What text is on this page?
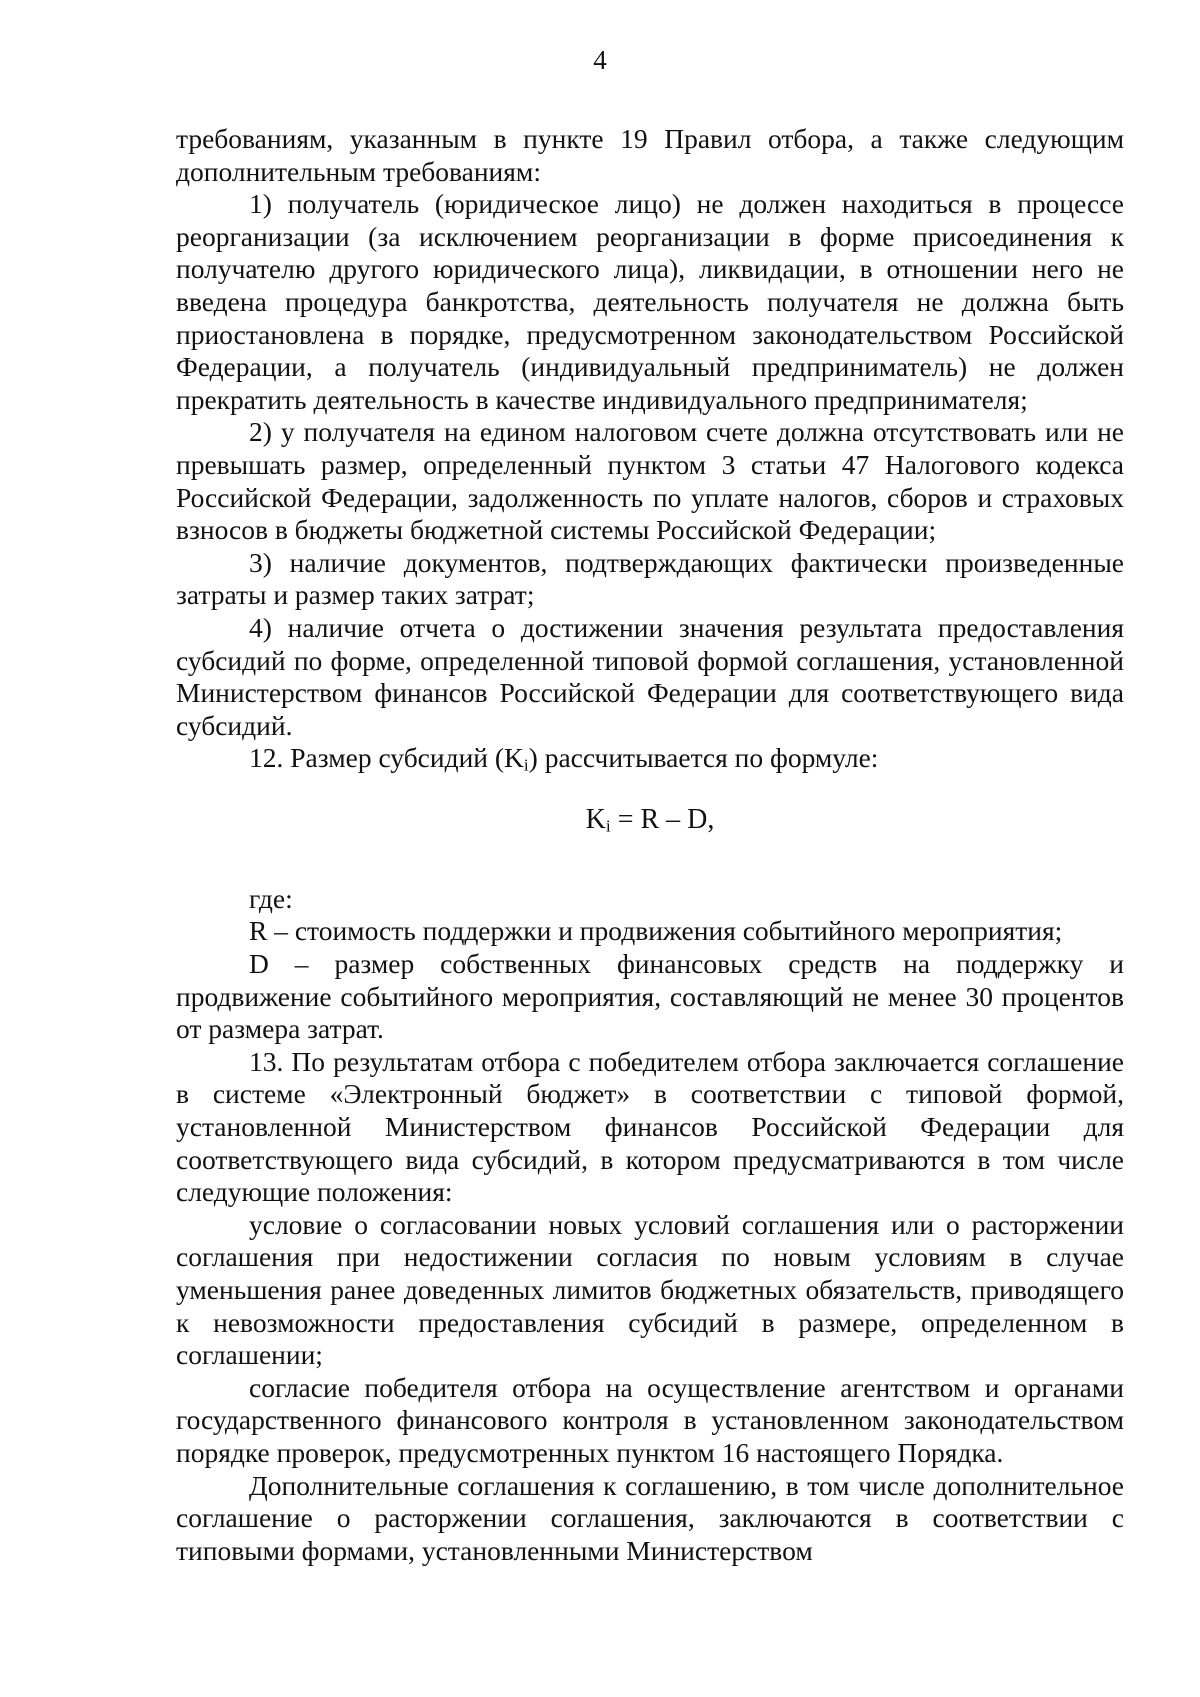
4

требованиям, указанным в пункте 19 Правил отбора, а также следующим дополнительным требованиям:

1) получатель (юридическое лицо) не должен находиться в процессе реорганизации (за исключением реорганизации в форме присоединения к получателю другого юридического лица), ликвидации, в отношении него не введена процедура банкротства, деятельность получателя не должна быть приостановлена в порядке, предусмотренном законодательством Российской Федерации, а получатель (индивидуальный предприниматель) не должен прекратить деятельность в качестве индивидуального предпринимателя;

2) у получателя на едином налоговом счете должна отсутствовать или не превышать размер, определенный пунктом 3 статьи 47 Налогового кодекса Российской Федерации, задолженность по уплате налогов, сборов и страховых взносов в бюджеты бюджетной системы Российской Федерации;

3) наличие документов, подтверждающих фактически произведенные затраты и размер таких затрат;

4) наличие отчета о достижении значения результата предоставления субсидий по форме, определенной типовой формой соглашения, установленной Министерством финансов Российской Федерации для соответствующего вида субсидий.

12. Размер субсидий $(K_i)$ рассчитывается по формуле:

$K_i = R - D$,

где:

R – стоимость поддержки и продвижения событийного мероприятия;

D – размер собственных финансовых средств на поддержку и продвижение событийного мероприятия, составляющий не менее 30 процентов от размера затрат.

13. По результатам отбора с победителем отбора заключается соглашение в системе «Электронный бюджет» в соответствии с типовой формой, установленной Министерством финансов Российской Федерации для соответствующего вида субсидий, в котором предусматриваются в том числе следующие положения:

условие о согласовании новых условий соглашения или о расторжении соглашения при недостижении согласия по новым условиям в случае уменьшения ранее доведенных лимитов бюджетных обязательств, приводящего к невозможности предоставления субсидий в размере, определенном в соглашении;

согласие победителя отбора на осуществление агентством и органами государственного финансового контроля в установленном законодательством порядке проверок, предусмотренных пунктом 16 настоящего Порядка.

Дополнительные соглашения к соглашению, в том числе дополнительное соглашение о расторжении соглашения, заключаются в соответствии с типовыми формами, установленными Министерством
